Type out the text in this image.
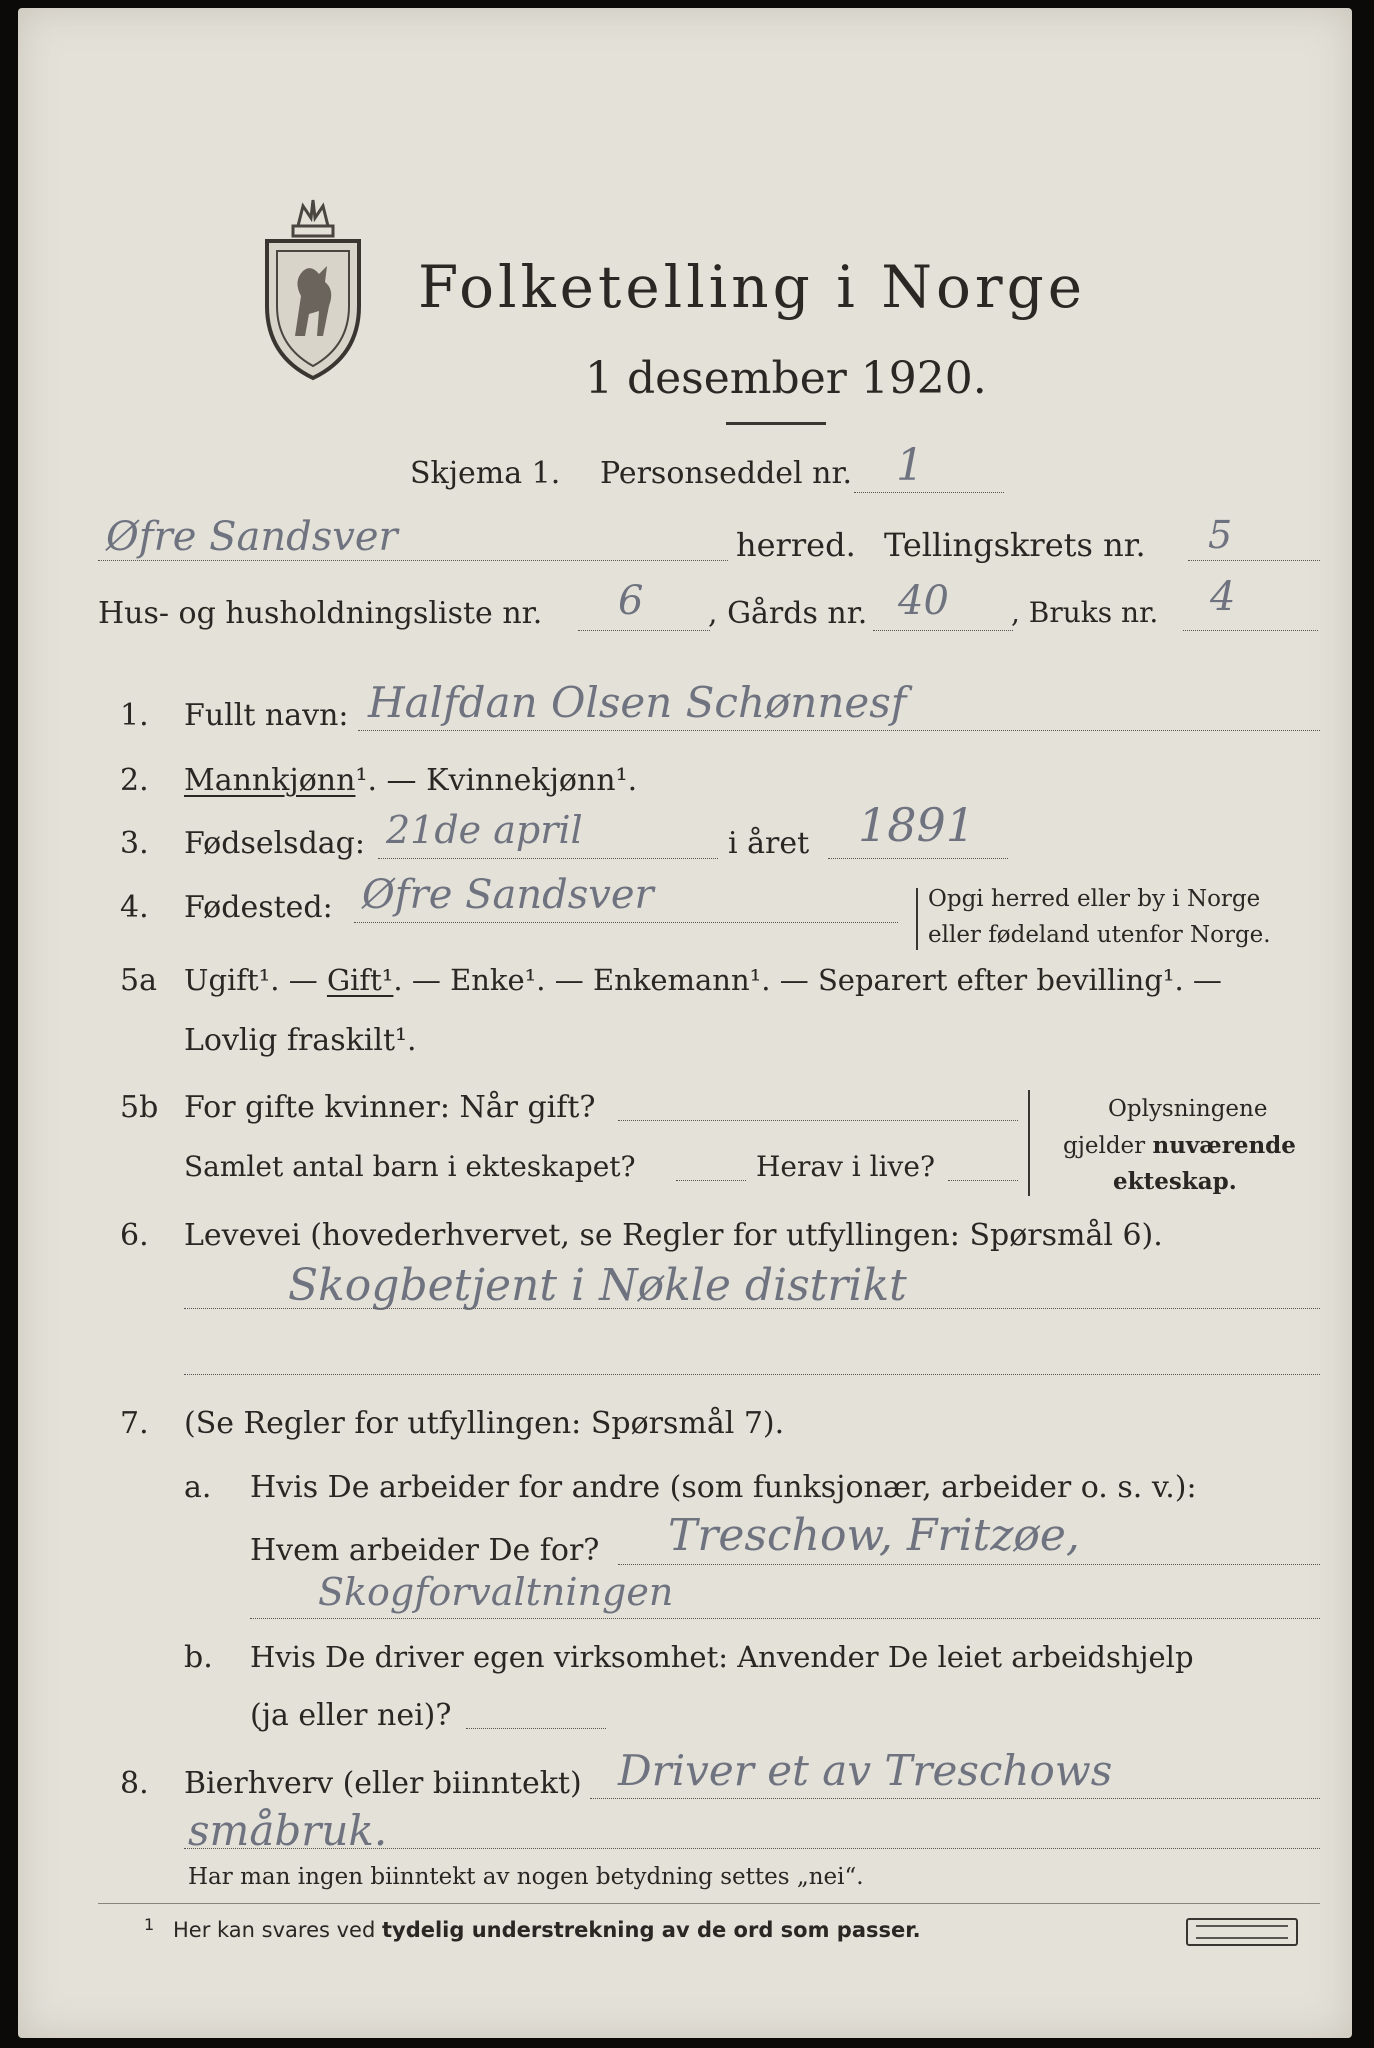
Folketelling i Norge
1 desember 1920.
Skjema 1. Personseddel nr. 1
Øfre Sandsver	herred. Tellingskrets nr. 5
Hus- og husholdningsliste nr. 6 , Gårds nr. 40 , Bruks nr. 4
1. Fullt navn: Halfdan Olsen Schønnesf
2. Mannkjønn¹. — Kvinnekjønn¹.
3. Fødselsdag: 21de april	i året 1891
4. Fødested: Øfre Sandsver	Opgi herred eller by i Norge
eller fødeland utenfor Norge.
5a Ugift¹. — Gift¹. — Enke¹. — Enkemann¹. — Separert efter bevilling¹. —
Lovlig fraskilt¹.
5b For gifte kvinner: Når gift?
Samlet antal barn i ekteskapet?	Herav i live?
Oplysningene
gjelder nuværende
ekteskap.
6. Levevei (hovederhvervet, se Regler for utfyllingen: Spørsmål 6).
Skogbetjent i Nøkle distrikt
7. (Se Regler for utfyllingen: Spørsmål 7).
a. Hvis De arbeider for andre (som funksjonær, arbeider o. s. v.):
Hvem arbeider De for? Treschow, Fritzøe,
Skogforvaltningen
b. Hvis De driver egen virksomhet: Anvender De leiet arbeidshjelp
(ja eller nei)?
8. Bierhverv (eller biinntekt) Driver et av Treschows
småbruk.
Har man ingen biinntekt av nogen betydning settes „nei“.
1 Her kan svares ved tydelig understrekning av de ord som passer.
